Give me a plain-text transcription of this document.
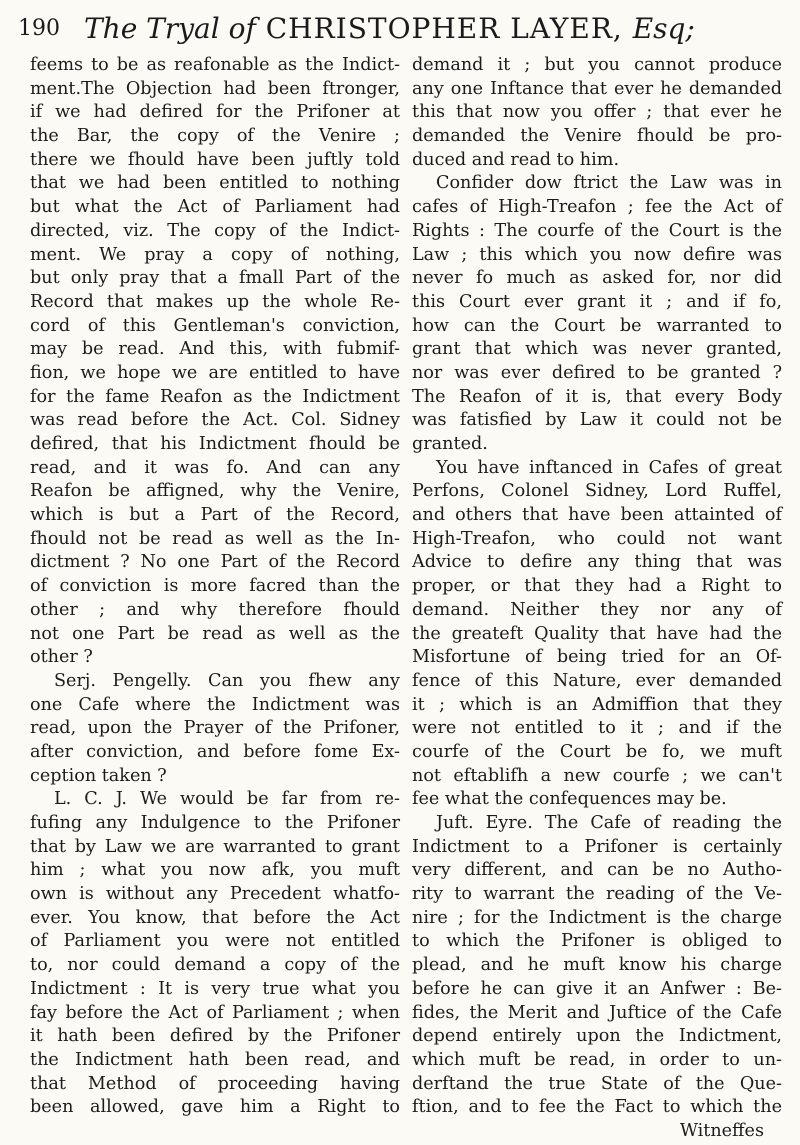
190 The Tryal of CHRISTOPHER LAYER, Esq;
feems to be as reafonable as the Indict-
ment.The Objection had been ftronger,
if we had defired for the Prifoner at
the Bar, the copy of the Venire ;
there we fhould have been juftly told
that we had been entitled to nothing
but what the Act of Parliament had
directed, viz. The copy of the Indict-
ment. We pray a copy of nothing,
but only pray that a fmall Part of the
Record that makes up the whole Re-
cord of this Gentleman's conviction,
may be read. And this, with fubmif-
fion, we hope we are entitled to have
for the fame Reafon as the Indictment
was read before the Act. Col. Sidney
defired, that his Indictment fhould be
read, and it was fo. And can any
Reafon be affigned, why the Venire,
which is but a Part of the Record,
fhould not be read as well as the In-
dictment ? No one Part of the Record
of conviction is more facred than the
other ; and why therefore fhould
not one Part be read as well as the
other ?
Serj. Pengelly. Can you fhew any
one Cafe where the Indictment was
read, upon the Prayer of the Prifoner,
after conviction, and before fome Ex-
ception taken ?
L. C. J. We would be far from re-
fufing any Indulgence to the Prifoner
that by Law we are warranted to grant
him ; what you now afk, you muft
own is without any Precedent whatfo-
ever. You know, that before the Act
of Parliament you were not entitled
to, nor could demand a copy of the
Indictment : It is very true what you
fay before the Act of Parliament ; when
it hath been defired by the Prifoner
the Indictment hath been read, and
that Method of proceeding having
been allowed, gave him a Right to
demand it ; but you cannot produce
any one Inftance that ever he demanded
this that now you offer ; that ever he
demanded the Venire fhould be pro-
duced and read to him.
Confider dow ftrict the Law was in
cafes of High-Treafon ; fee the Act of
Rights : The courfe of the Court is the
Law ; this which you now defire was
never fo much as asked for, nor did
this Court ever grant it ; and if fo,
how can the Court be warranted to
grant that which was never granted,
nor was ever defired to be granted ?
The Reafon of it is, that every Body
was fatisfied by Law it could not be
granted.
You have inftanced in Cafes of great
Perfons, Colonel Sidney, Lord Ruffel,
and others that have been attainted of
High-Treafon, who could not want
Advice to defire any thing that was
proper, or that they had a Right to
demand. Neither they nor any of
the greateft Quality that have had the
Misfortune of being tried for an Of-
fence of this Nature, ever demanded
it ; which is an Admiffion that they
were not entitled to it ; and if the
courfe of the Court be fo, we muft
not eftablifh a new courfe ; we can't
fee what the confequences may be.
Juft. Eyre. The Cafe of reading the
Indictment to a Prifoner is certainly
very different, and can be no Autho-
rity to warrant the reading of the Ve-
nire ; for the Indictment is the charge
to which the Prifoner is obliged to
plead, and he muft know his charge
before he can give it an Anfwer : Be-
fides, the Merit and Juftice of the Cafe
depend entirely upon the Indictment,
which muft be read, in order to un-
derftand the true State of the Que-
ftion, and to fee the Fact to which the
Witneffes
